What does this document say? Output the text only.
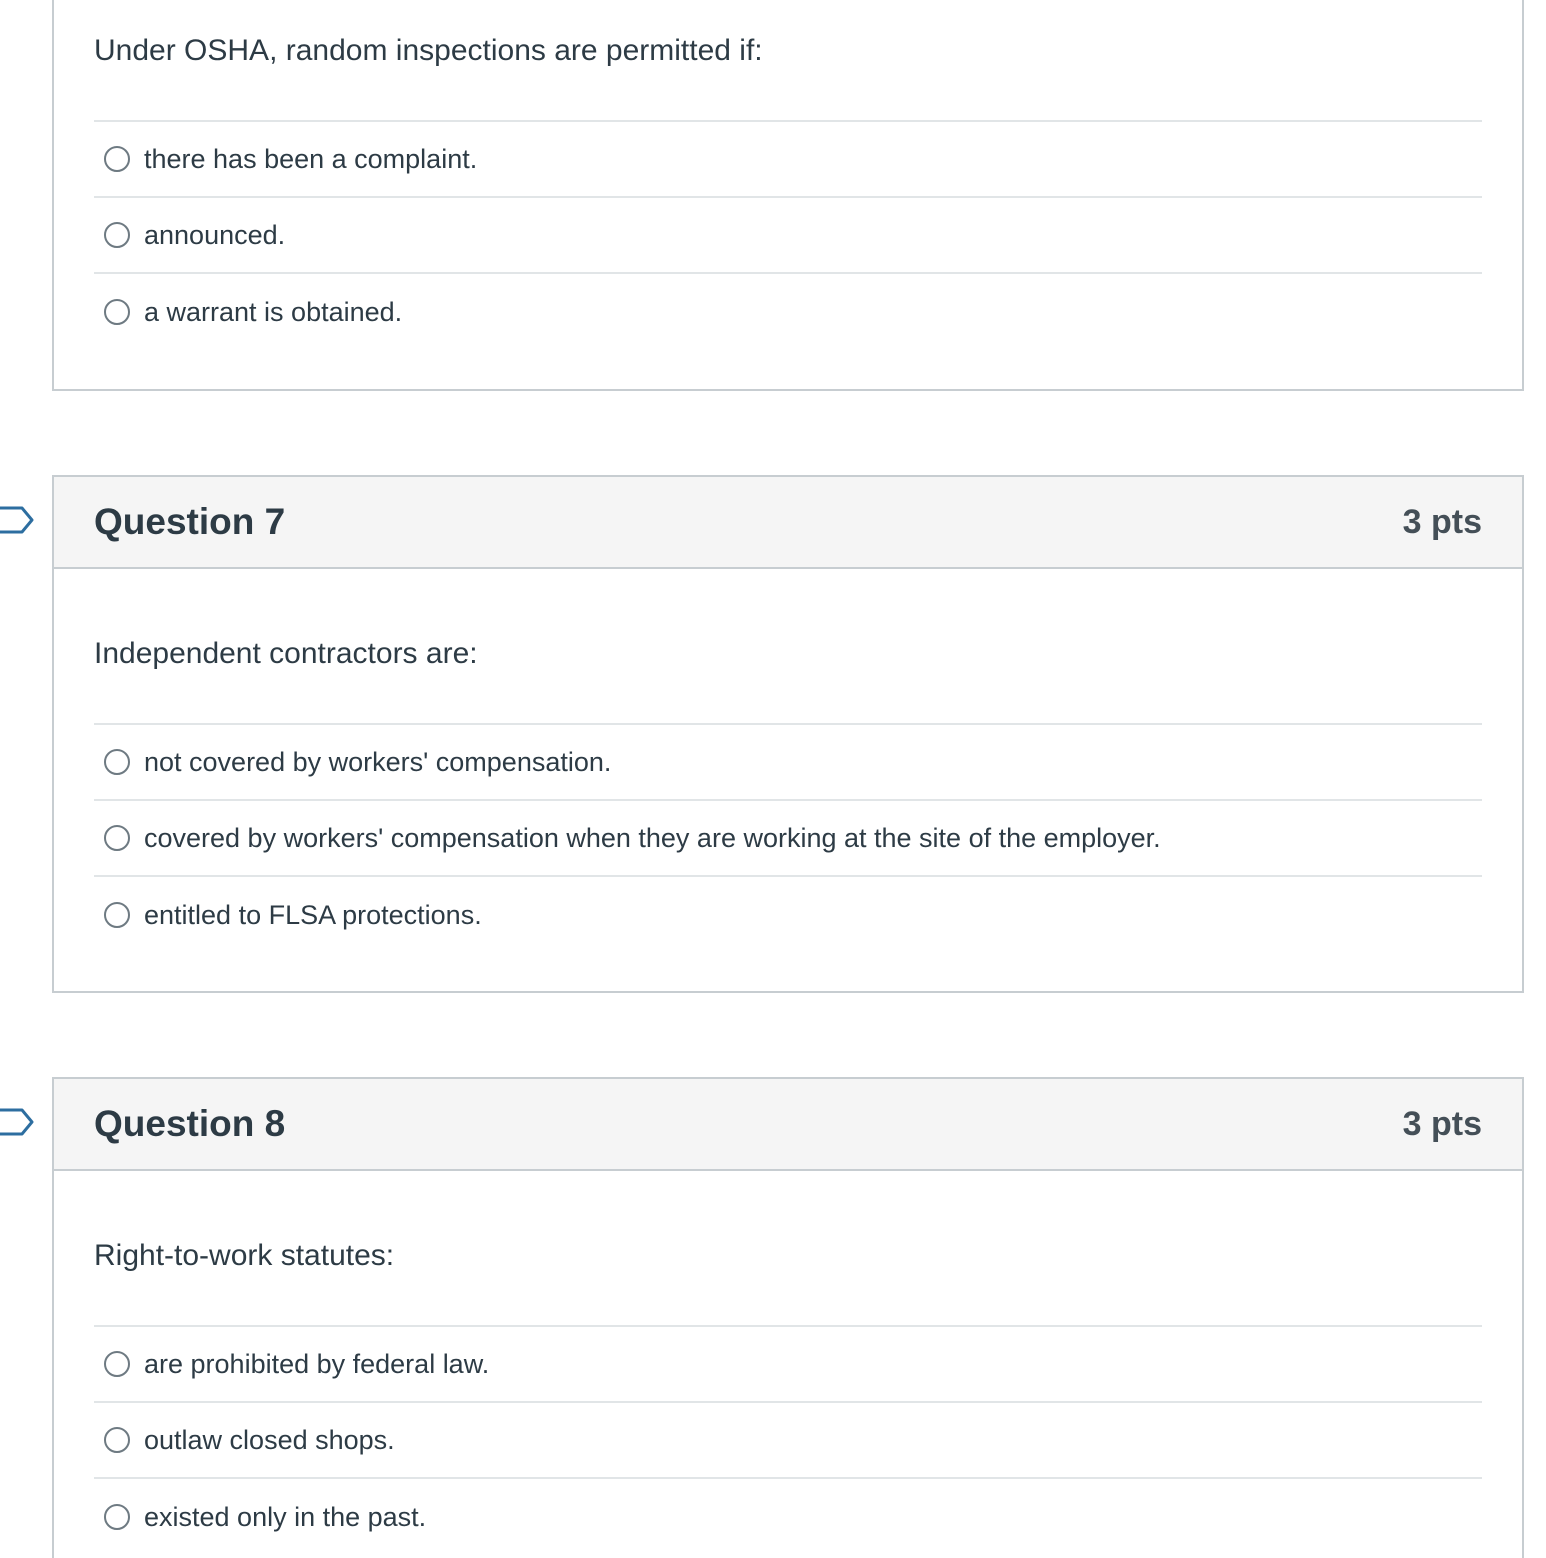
Under OSHA, random inspections are permitted if:
there has been a complaint.
announced.
a warrant is obtained.
Question 7	3 pts
Independent contractors are:
not covered by workers' compensation.
covered by workers' compensation when they are working at the site of the employer.
entitled to FLSA protections.
Question 8	3 pts
Right-to-work statutes:
are prohibited by federal law.
outlaw closed shops.
existed only in the past.
